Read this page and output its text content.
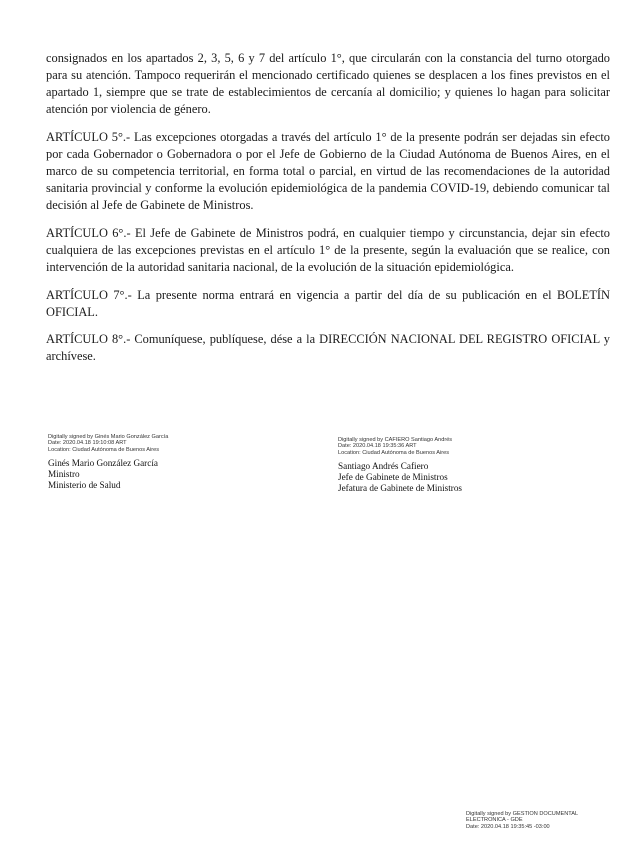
consignados en los apartados 2, 3, 5, 6 y 7 del artículo 1°, que circularán con la constancia del turno otorgado para su atención. Tampoco requerirán el mencionado certificado quienes se desplacen a los fines previstos en el apartado 1, siempre que se trate de establecimientos de cercanía al domicilio; y quienes lo hagan para solicitar atención por violencia de género.

ARTÍCULO 5°.- Las excepciones otorgadas a través del artículo 1° de la presente podrán ser dejadas sin efecto por cada Gobernador o Gobernadora o por el Jefe de Gobierno de la Ciudad Autónoma de Buenos Aires, en el marco de su competencia territorial, en forma total o parcial, en virtud de las recomendaciones de la autoridad sanitaria provincial y conforme la evolución epidemiológica de la pandemia COVID-19, debiendo comunicar tal decisión al Jefe de Gabinete de Ministros.

ARTÍCULO 6°.- El Jefe de Gabinete de Ministros podrá, en cualquier tiempo y circunstancia, dejar sin efecto cualquiera de las excepciones previstas en el artículo 1° de la presente, según la evaluación que se realice, con intervención de la autoridad sanitaria nacional, de la evolución de la situación epidemiológica.

ARTÍCULO 7°.- La presente norma entrará en vigencia a partir del día de su publicación en el BOLETÍN OFICIAL.

ARTÍCULO 8°.- Comuníquese, publíquese, dése a la DIRECCIÓN NACIONAL DEL REGISTRO OFICIAL y archívese.

Digitally signed by Ginés Mario González García
Date: 2020.04.18 19:10:08 ART
Location: Ciudad Autónoma de Buenos Aires
Ginés Mario González García
Ministro
Ministerio de Salud
Digitally signed by CAFIERO Santiago Andrés
Date: 2020.04.18 19:35:36 ART
Location: Ciudad Autónoma de Buenos Aires
Santiago Andrés Cafiero
Jefe de Gabinete de Ministros
Jefatura de Gabinete de Ministros
Digitally signed by GESTION DOCUMENTAL
ELECTRONICA - GDE
Date: 2020.04.18 19:35:45 -03:00
